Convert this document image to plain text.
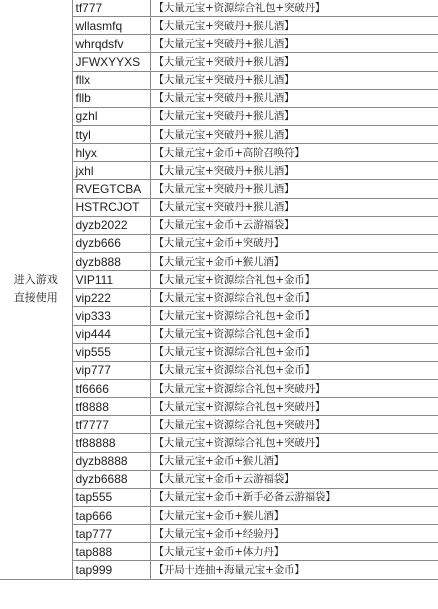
进入游戏
直接使用	tf777	【大量元宝+资源综合礼包+突破丹】
	wllasmfq	【大量元宝+突破丹+猴儿酒】
	whrqdsfv	【大量元宝+突破丹+猴儿酒】
	JFWXYYXS	【大量元宝+突破丹+猴儿酒】
	fllx	【大量元宝+突破丹+猴儿酒】
	fllb	【大量元宝+突破丹+猴儿酒】
	gzhl	【大量元宝+突破丹+猴儿酒】
	ttyl	【大量元宝+突破丹+猴儿酒】
	hlyx	【大量元宝+金币+高阶召唤符】
	jxhl	【大量元宝+突破丹+猴儿酒】
	RVEGTCBA	【大量元宝+突破丹+猴儿酒】
	HSTRCJOT	【大量元宝+突破丹+猴儿酒】
	dyzb2022	【大量元宝+金币+云游福袋】
	dyzb666	【大量元宝+金币+突破丹】
	dyzb888	【大量元宝+金币+猴儿酒】
	VIP111	【大量元宝+资源综合礼包+金币】
	vip222	【大量元宝+资源综合礼包+金币】
	vip333	【大量元宝+资源综合礼包+金币】
	vip444	【大量元宝+资源综合礼包+金币】
	vip555	【大量元宝+资源综合礼包+金币】
	vip777	【大量元宝+资源综合礼包+金币】
	tf6666	【大量元宝+资源综合礼包+突破丹】
	tf8888	【大量元宝+资源综合礼包+突破丹】
	tf7777	【大量元宝+资源综合礼包+突破丹】
	tf88888	【大量元宝+资源综合礼包+突破丹】
	dyzb8888	【大量元宝+金币+猴儿酒】
	dyzb6688	【大量元宝+金币+云游福袋】
	tap555	【大量元宝+金币+新手必备云游福袋】
	tap666	【大量元宝+金币+猴儿酒】
	tap777	【大量元宝+金币+经验丹】
	tap888	【大量元宝+金币+体力丹】
	tap999	【开局十连抽+海量元宝+金币】
